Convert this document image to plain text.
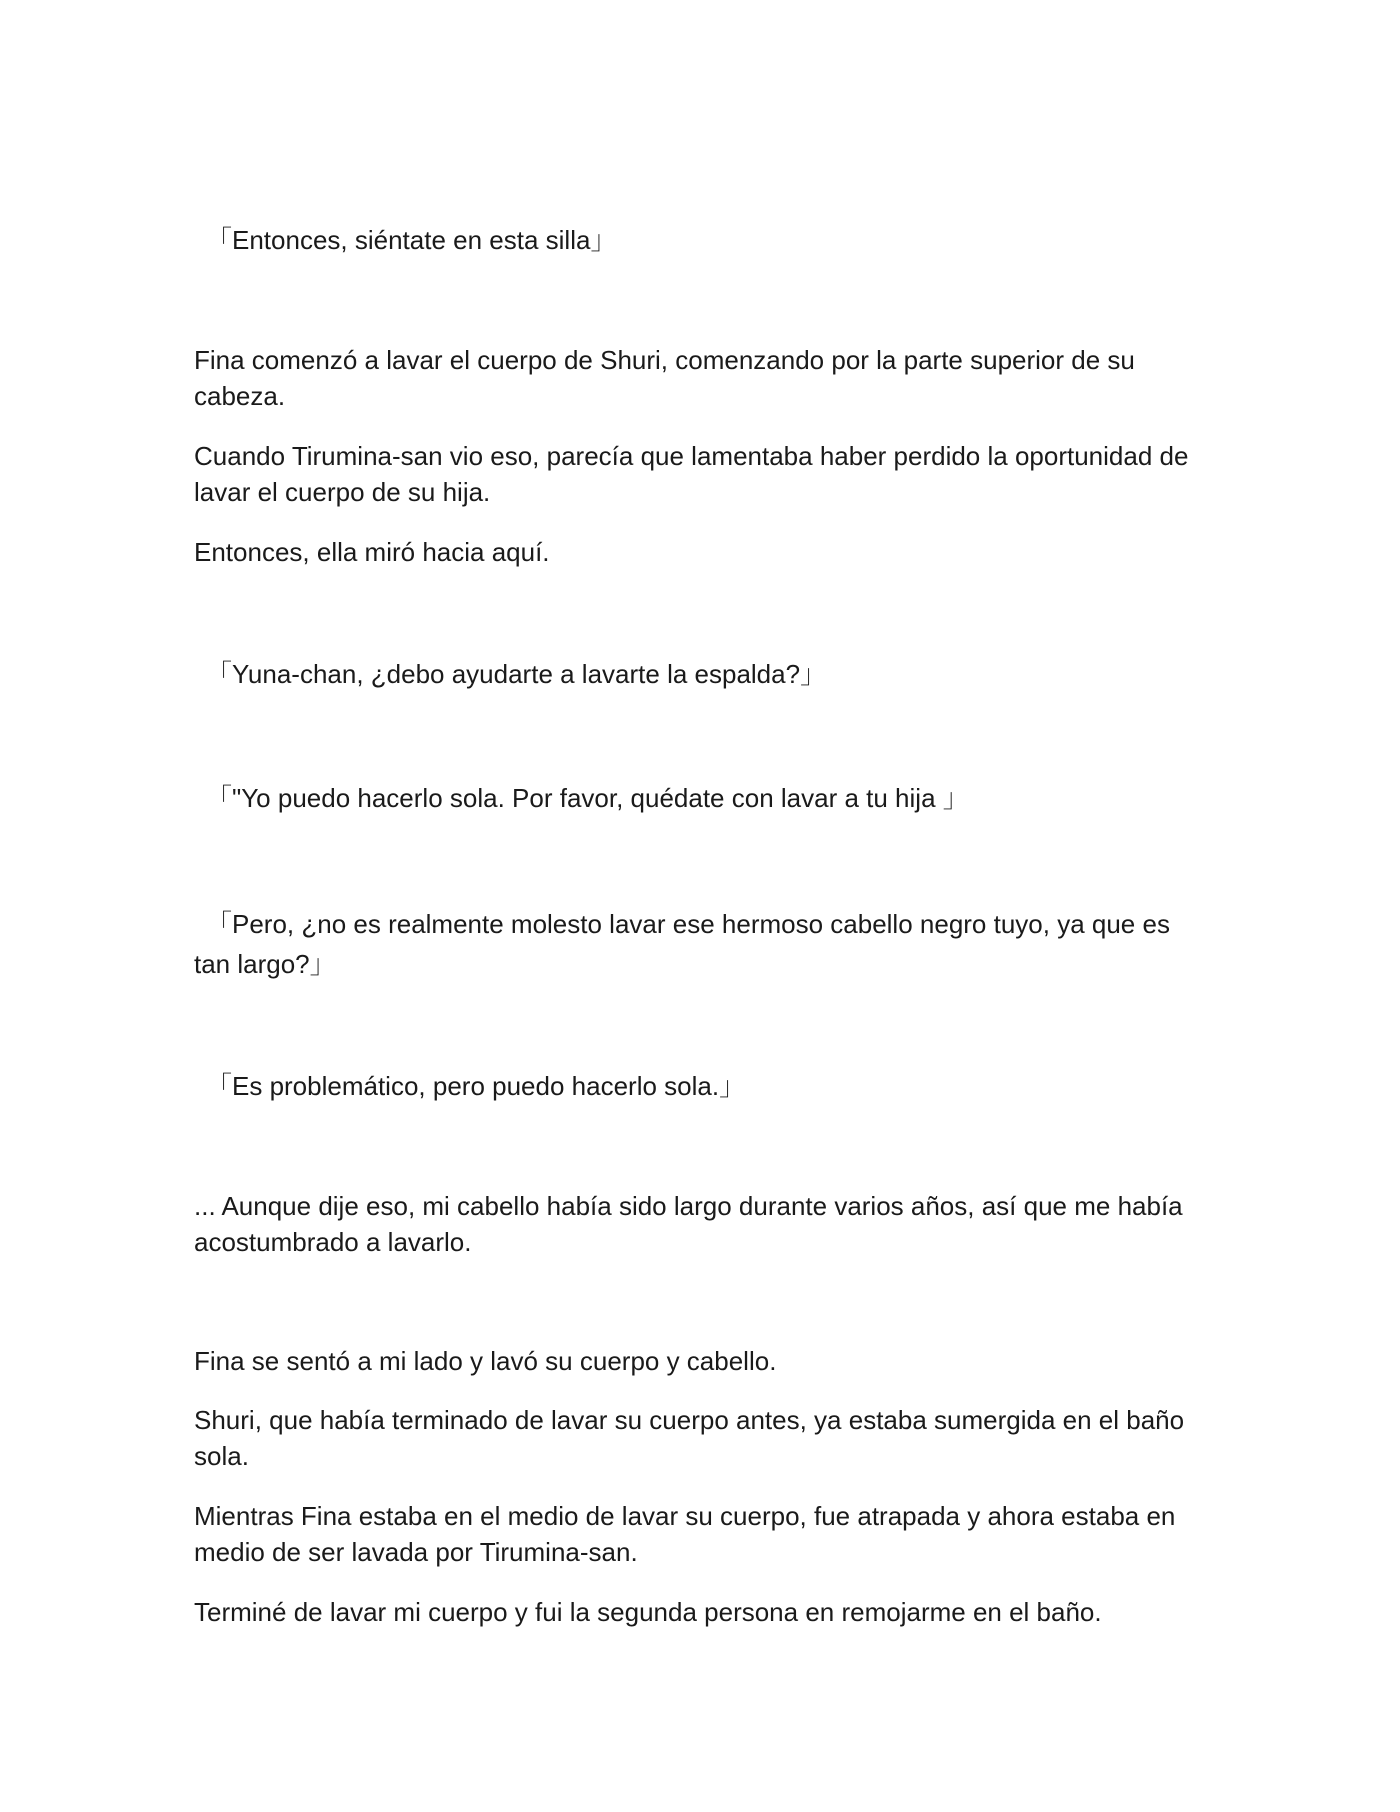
「Entonces, siéntate en esta silla」

Fina comenzó a lavar el cuerpo de Shuri, comenzando por la parte superior de su cabeza.

Cuando Tirumina-san vio eso, parecía que lamentaba haber perdido la oportunidad de lavar el cuerpo de su hija.

Entonces, ella miró hacia aquí.

「Yuna-chan, ¿debo ayudarte a lavarte la espalda?」

「"Yo puedo hacerlo sola. Por favor, quédate con lavar a tu hija 」

「Pero, ¿no es realmente molesto lavar ese hermoso cabello negro tuyo, ya que es tan largo?」

「Es problemático, pero puedo hacerlo sola.」

... Aunque dije eso, mi cabello había sido largo durante varios años, así que me había acostumbrado a lavarlo.

Fina se sentó a mi lado y lavó su cuerpo y cabello.

Shuri, que había terminado de lavar su cuerpo antes, ya estaba sumergida en el baño sola.

Mientras Fina estaba en el medio de lavar su cuerpo, fue atrapada y ahora estaba en medio de ser lavada por Tirumina-san.

Terminé de lavar mi cuerpo y fui la segunda persona en remojarme en el baño.
